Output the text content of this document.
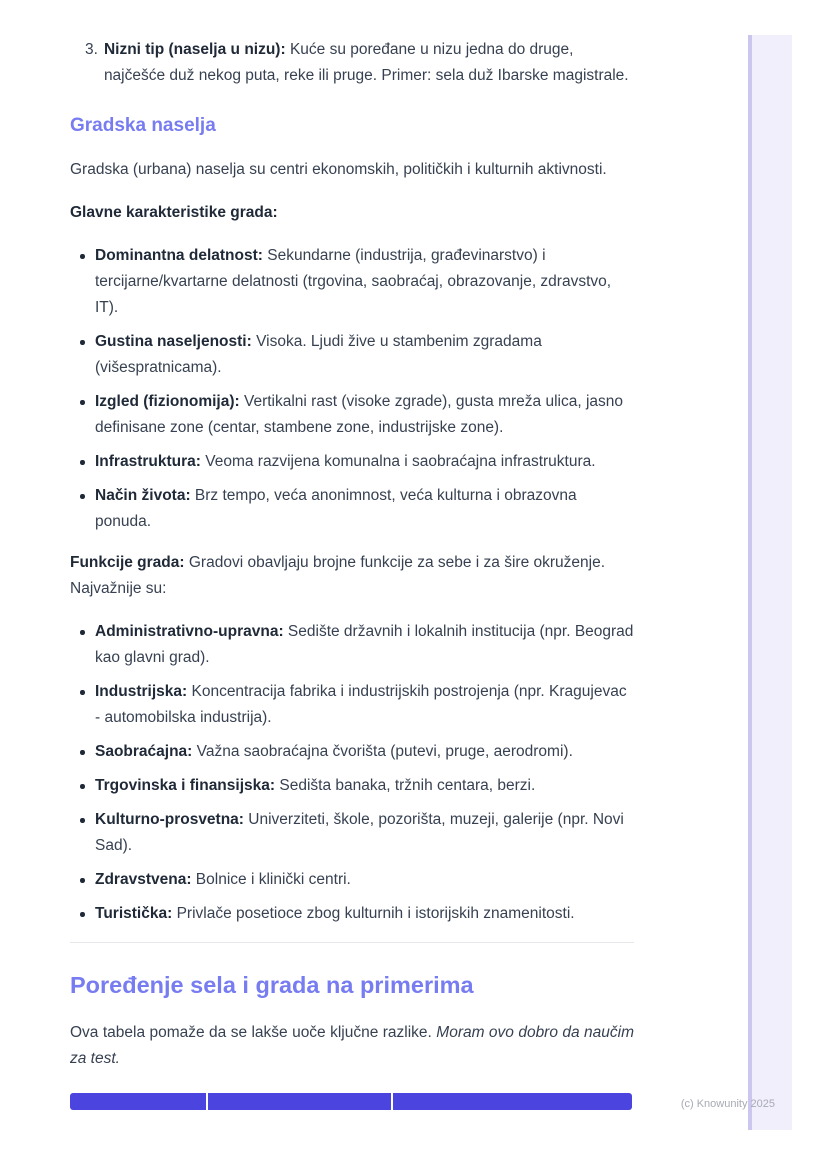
(c) Knowunity 2025
3. Nizni tip (naselja u nizu): Kuće su poređane u nizu jedna do druge, najčešće duž nekog puta, reke ili pruge. Primer: sela duž Ibarske magistrale.
Gradska naselja

Gradska (urbana) naselja su centri ekonomskih, političkih i kulturnih aktivnosti.

Glavne karakteristike grada:

Dominantna delatnost: Sekundarne (industrija, građevinarstvo) i tercijarne/kvartarne delatnosti (trgovina, saobraćaj, obrazovanje, zdravstvo, IT).
Gustina naseljenosti: Visoka. Ljudi žive u stambenim zgradama (višespratnicama).
Izgled (fizionomija): Vertikalni rast (visoke zgrade), gusta mreža ulica, jasno definisane zone (centar, stambene zone, industrijske zone).
Infrastruktura: Veoma razvijena komunalna i saobraćajna infrastruktura.
Način života: Brz tempo, veća anonimnost, veća kulturna i obrazovna ponuda.

Funkcije grada: Gradovi obavljaju brojne funkcije za sebe i za šire okruženje. Najvažnije su:

Administrativno-upravna: Sedište državnih i lokalnih institucija (npr. Beograd kao glavni grad).
Industrijska: Koncentracija fabrika i industrijskih postrojenja (npr. Kragujevac - automobilska industrija).
Saobraćajna: Važna saobraćajna čvorišta (putevi, pruge, aerodromi).
Trgovinska i finansijska: Sedišta banaka, tržnih centara, berzi.
Kulturno-prosvetna: Univerziteti, škole, pozorišta, muzeji, galerije (npr. Novi Sad).
Zdravstvena: Bolnice i klinički centri.
Turistička: Privlače posetioce zbog kulturnih i istorijskih znamenitosti.
Poređenje sela i grada na primerima

Ova tabela pomaže da se lakše uoče ključne razlike. Moram ovo dobro da naučim za test.
